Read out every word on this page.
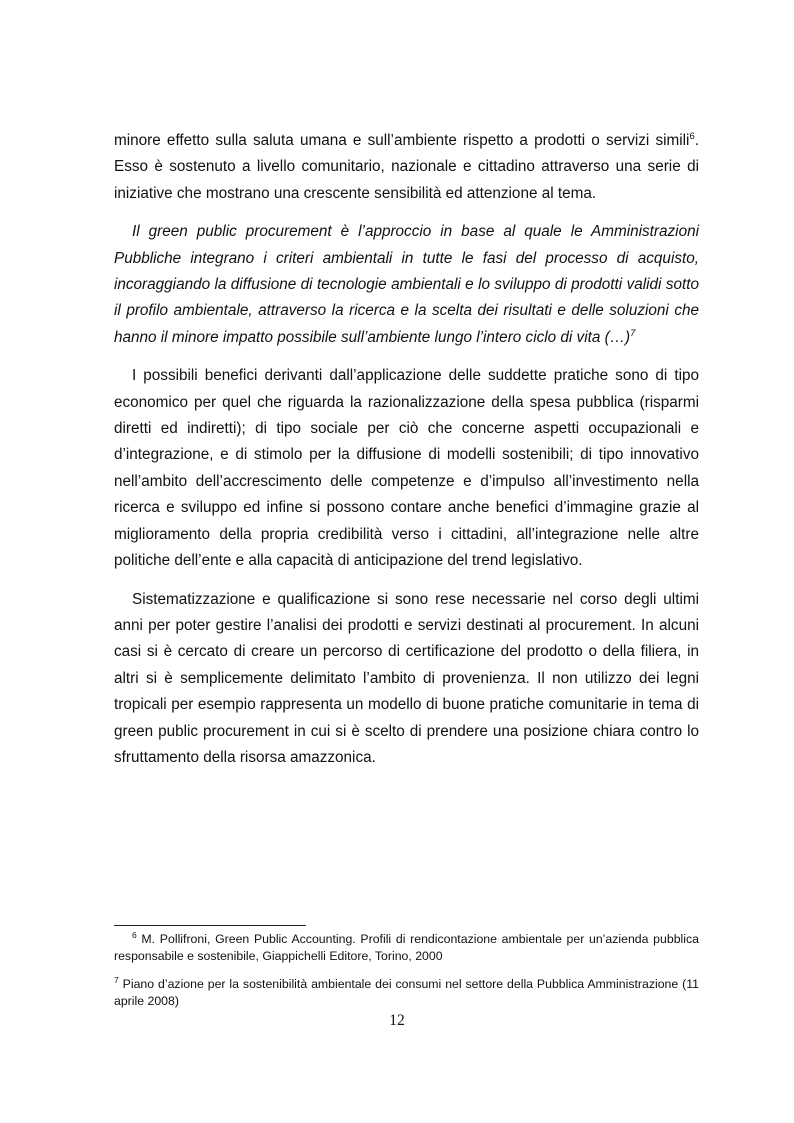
minore effetto sulla saluta umana e sull’ambiente rispetto a prodotti o servizi simili$^6$. Esso è sostenuto a livello comunitario, nazionale e cittadino attraverso una serie di iniziative che mostrano una crescente sensibilità ed attenzione al tema.

Il green public procurement è l’approccio in base al quale le Amministrazioni Pubbliche integrano i criteri ambientali in tutte le fasi del processo di acquisto, incoraggiando la diffusione di tecnologie ambientali e lo sviluppo di prodotti validi sotto il profilo ambientale, attraverso la ricerca e la scelta dei risultati e delle soluzioni che hanno il minore impatto possibile sull’ambiente lungo l’intero ciclo di vita (…)$^7$

I possibili benefici derivanti dall’applicazione delle suddette pratiche sono di tipo economico per quel che riguarda la razionalizzazione della spesa pubblica (risparmi diretti ed indiretti); di tipo sociale per ciò che concerne aspetti occupazionali e d’integrazione, e di stimolo per la diffusione di modelli sostenibili; di tipo innovativo nell’ambito dell’accrescimento delle competenze e d’impulso all’investimento nella ricerca e sviluppo ed infine si possono contare anche benefici d’immagine grazie al miglioramento della propria credibilità verso i cittadini, all’integrazione nelle altre politiche dell’ente e alla capacità di anticipazione del trend legislativo.

Sistematizzazione e qualificazione si sono rese necessarie nel corso degli ultimi anni per poter gestire l’analisi dei prodotti e servizi destinati al procurement. In alcuni casi si è cercato di creare un percorso di certificazione del prodotto o della filiera, in altri si è semplicemente delimitato l’ambito di provenienza. Il non utilizzo dei legni tropicali per esempio rappresenta un modello di buone pratiche comunitarie in tema di green public procurement in cui si è scelto di prendere una posizione chiara contro lo sfruttamento della risorsa amazzonica.

$^6$ M. Pollifroni, Green Public Accounting. Profili di rendicontazione ambientale per un’azienda pubblica responsabile e sostenibile, Giappichelli Editore, Torino, 2000

$^7$ Piano d’azione per la sostenibilità ambientale dei consumi nel settore della Pubblica Amministrazione (11 aprile 2008)

12
